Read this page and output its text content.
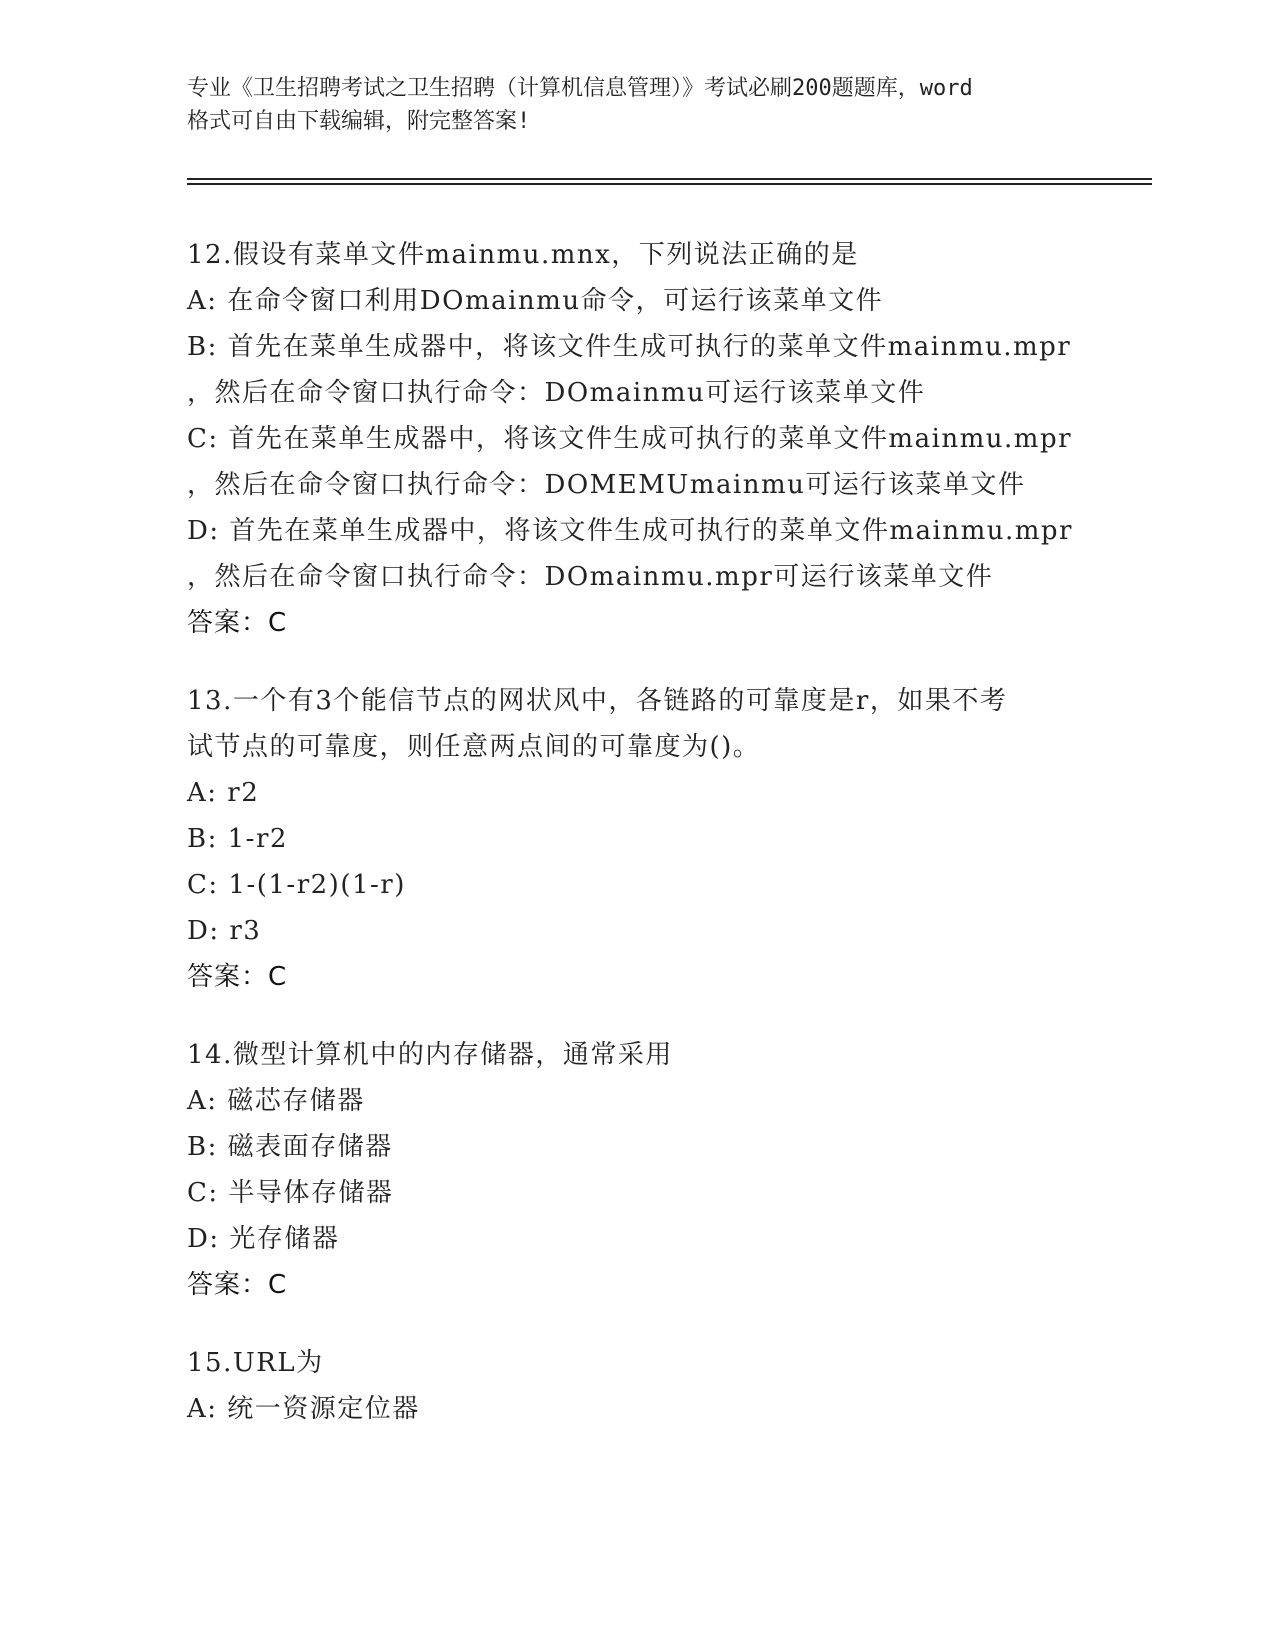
专业《卫生招聘考试之卫生招聘（计算机信息管理）》考试必刷200题题库，word
格式可自由下载编辑，附完整答案!
12.假设有菜单文件mainmu.mnx，下列说法正确的是
A: 在命令窗口利用DOmainmu命令，可运行该菜单文件
B: 首先在菜单生成器中，将该文件生成可执行的菜单文件mainmu.mpr
，然后在命令窗口执行命令：DOmainmu可运行该菜单文件
C: 首先在菜单生成器中，将该文件生成可执行的菜单文件mainmu.mpr
，然后在命令窗口执行命令：DOMEMUmainmu可运行该菜单文件
D: 首先在菜单生成器中，将该文件生成可执行的菜单文件mainmu.mpr
，然后在命令窗口执行命令：DOmainmu.mpr可运行该菜单文件
答案：C
13.一个有3个能信节点的网状风中，各链路的可靠度是r，如果不考
试节点的可靠度，则任意两点间的可靠度为()。
A: r2
B: 1-r2
C: 1-(1-r2)(1-r)
D: r3
答案：C
14.微型计算机中的内存储器，通常采用
A: 磁芯存储器
B: 磁表面存储器
C: 半导体存储器
D: 光存储器
答案：C
15.URL为
A: 统一资源定位器
